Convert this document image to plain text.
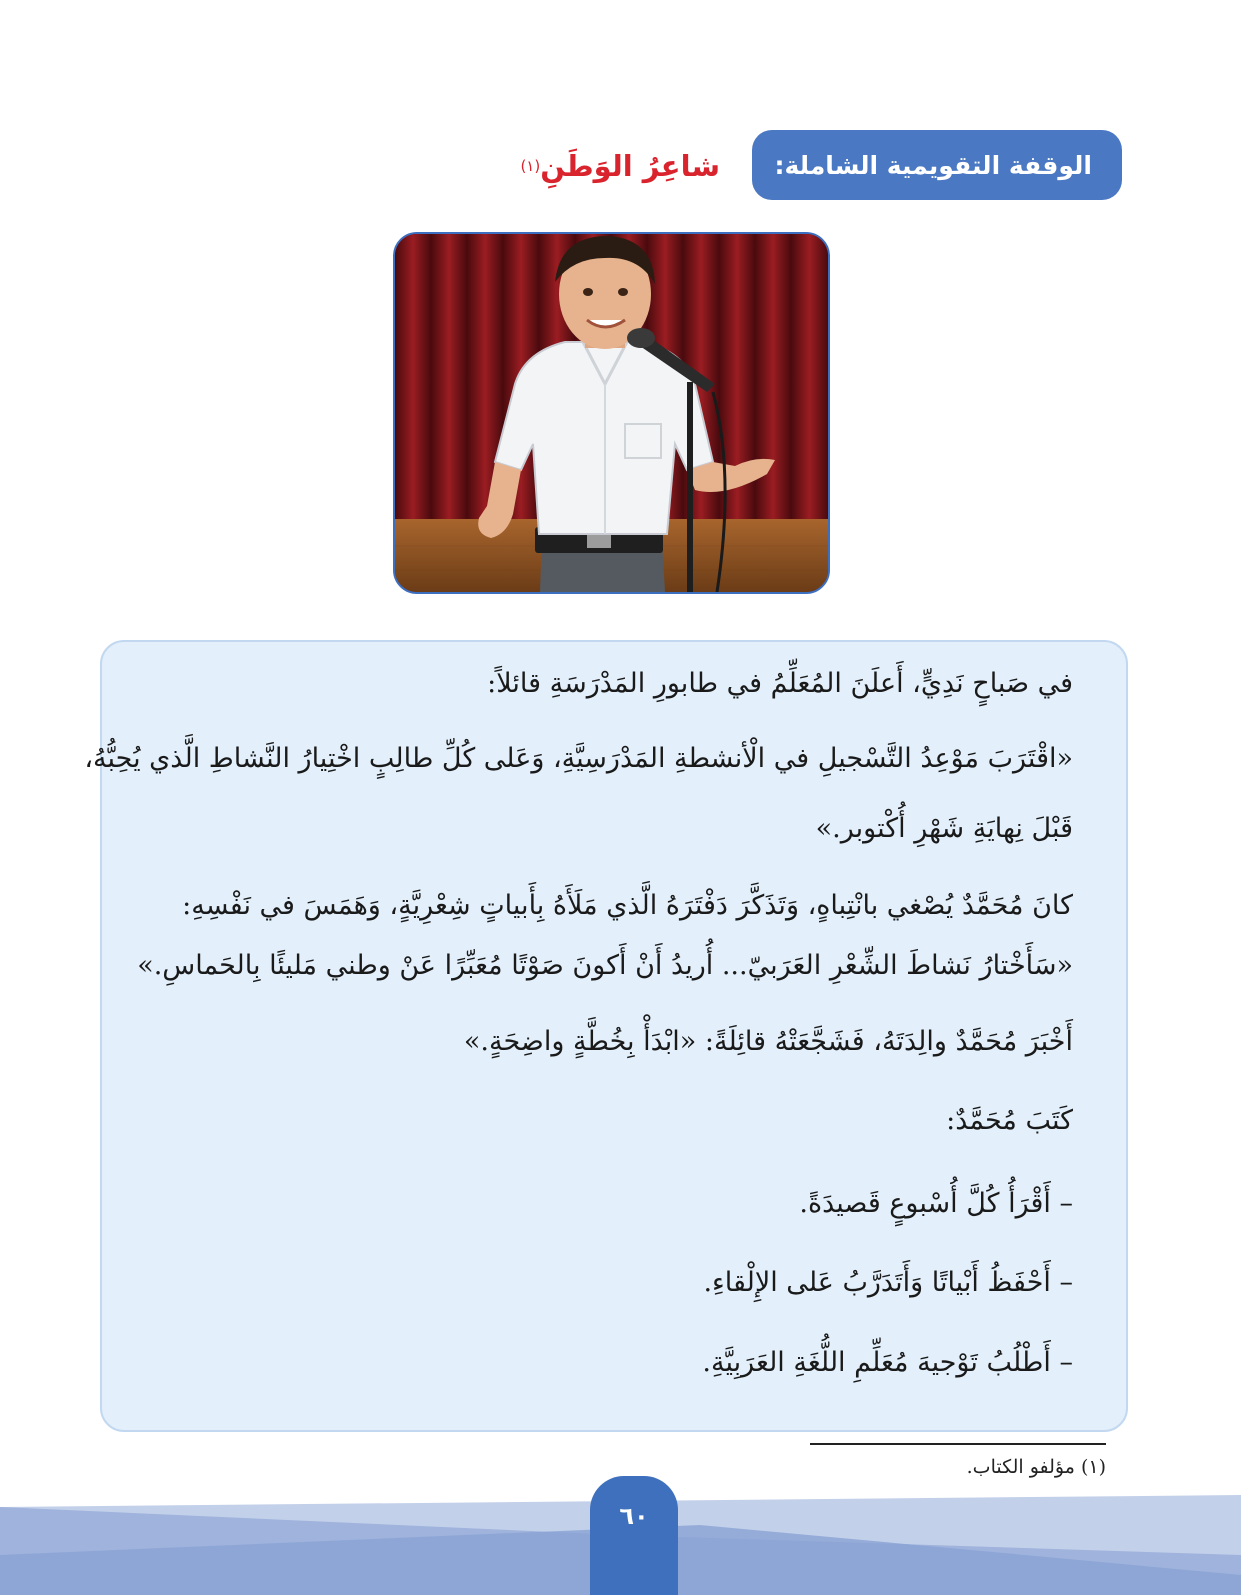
الوقفة التقويمية الشاملة:
شاعِرُ الوَطَنِ
(١)
في صَباحٍ نَدِيٍّ، أَعلَنَ المُعَلِّمُ في طابورِ المَدْرَسَةِ قائلاً:
«اقْتَرَبَ مَوْعِدُ التَّسْجيلِ في الْأنشطةِ المَدْرَسِيَّةِ، وَعَلى كُلِّ طالِبٍ اخْتِيارُ النَّشاطِ الَّذي يُحِبُّهُ،
قَبْلَ نِهايَةِ شَهْرِ أُكْتوبر.»
كانَ مُحَمَّدٌ يُصْغي بانْتِباهٍ، وَتَذَكَّرَ دَفْتَرَهُ الَّذي مَلَأَهُ بِأَبياتٍ شِعْرِيَّةٍ، وَهَمَسَ في نَفْسِهِ:
«سَأَخْتارُ نَشاطَ الشِّعْرِ العَرَبيّ... أُريدُ أَنْ أَكونَ صَوْتًا مُعَبِّرًا عَنْ وطني مَليئًا بِالحَماسِ.»
أَخْبَرَ مُحَمَّدٌ والِدَتَهُ، فَشَجَّعَتْهُ قائِلَةً: «ابْدَأْ بِخُطَّةٍ واضِحَةٍ.»
كَتَبَ مُحَمَّدٌ:
– أَقْرَأُ كُلَّ أُسْبوعٍ قَصيدَةً.
– أَحْفَظُ أَبْياتًا وَأَتَدَرَّبُ عَلى الإِلْقاءِ.
– أَطْلُبُ تَوْجيهَ مُعَلِّمِ اللُّغَةِ العَرَبِيَّةِ.
(١) مؤلفو الكتاب.
٦٠
